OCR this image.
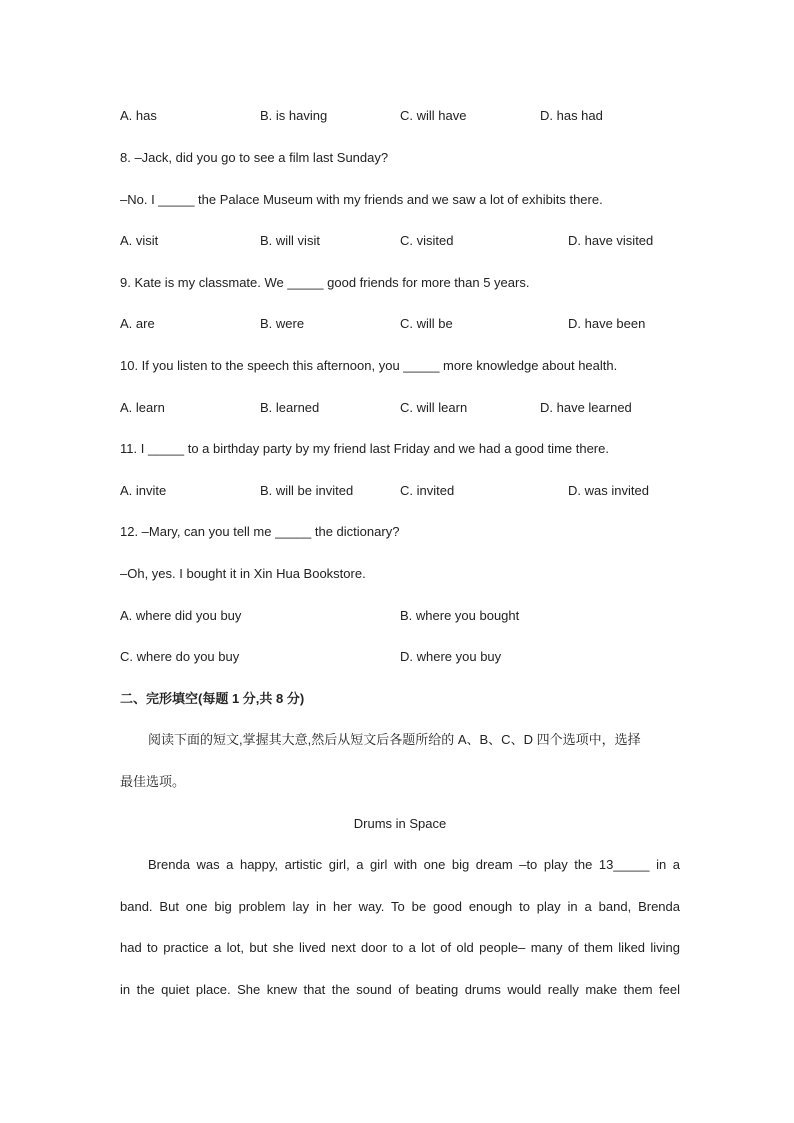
A. has	B. is having	C. will have	D. has had
8. –Jack, did you go to see a film last Sunday?
–No. I _____ the Palace Museum with my friends and we saw a lot of exhibits there.
A. visit	B. will visit	C. visited	D. have visited
9. Kate is my classmate. We _____ good friends for more than 5 years.
A. are	B. were	C. will be	D. have been
10. If you listen to the speech this afternoon, you _____ more knowledge about health.
A. learn	B. learned	C. will learn	D. have learned
11. I _____ to a birthday party by my friend last Friday and we had a good time there.
A. invite	B. will be invited	C. invited	D. was invited
12. –Mary, can you tell me _____ the dictionary?
–Oh, yes. I bought it in Xin Hua Bookstore.
A. where did you buy	B. where you bought
C. where do you buy	D. where you buy
二、完形填空(每题 1 分,共 8 分)
阅读下面的短文,掌握其大意,然后从短文后各题所给的 A、B、C、D 四个选项中，选择
最佳选项。
Drums in Space
Brenda was a happy, artistic girl, a girl with one big dream –to play the 13_____ in a
band. But one big problem lay in her way. To be good enough to play in a band, Brenda
had to practice a lot, but she lived next door to a lot of old people– many of them liked living
in the quiet place. She knew that the sound of beating drums would really make them feel
